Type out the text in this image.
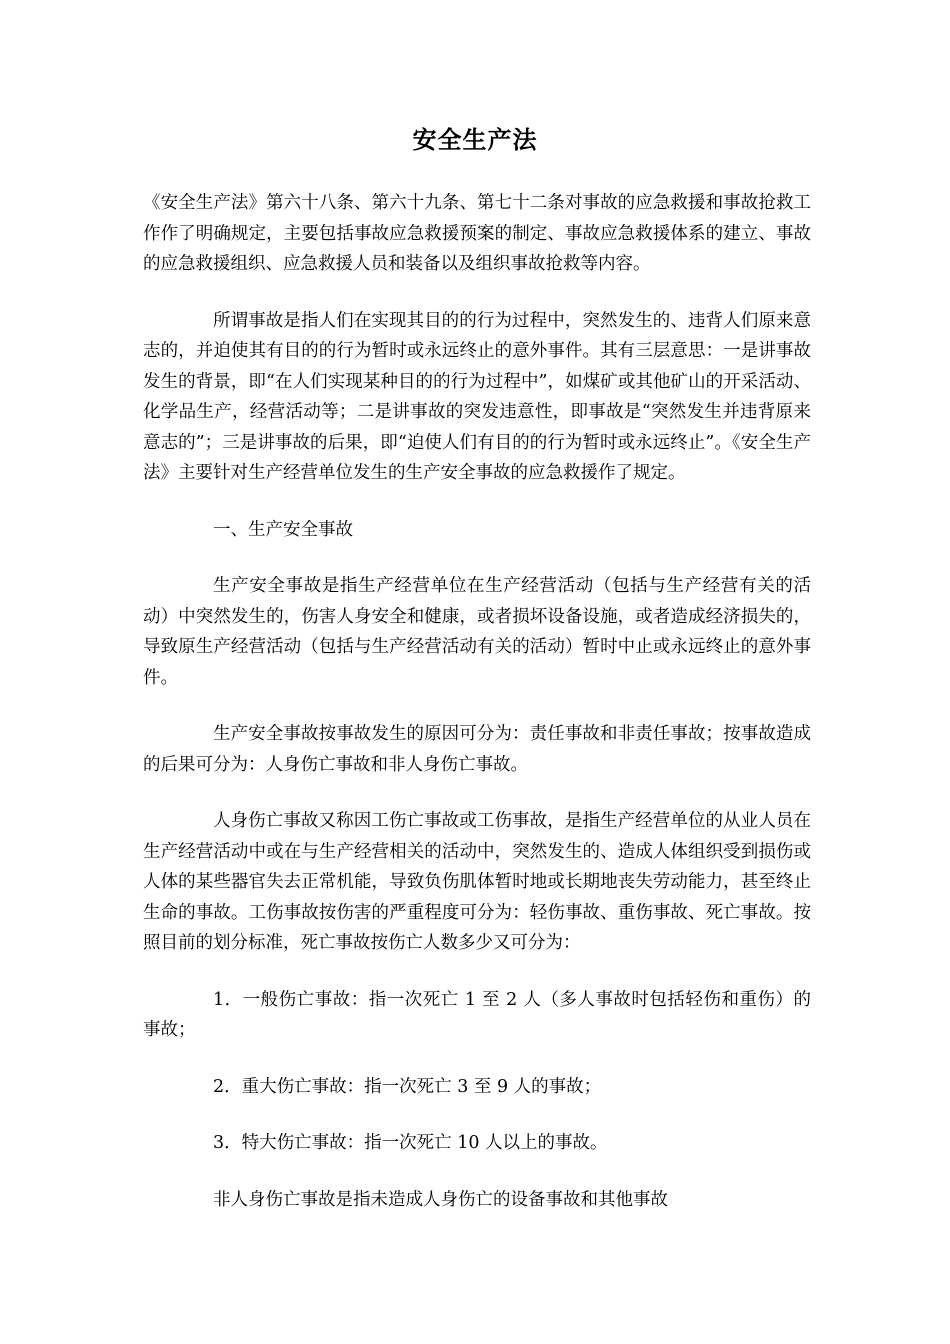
安全生产法

《安全生产法》第六十八条、第六十九条、第七十二条对事故的应急救援和事故抢救工作作了明确规定，主要包括事故应急救援预案的制定、事故应急救援体系的建立、事故的应急救援组织、应急救援人员和装备以及组织事故抢救等内容。

所谓事故是指人们在实现其目的的行为过程中，突然发生的、违背人们原来意志的，并迫使其有目的的行为暂时或永远终止的意外事件。其有三层意思：一是讲事故发生的背景，即“在人们实现某种目的的行为过程中”，如煤矿或其他矿山的开采活动、化学品生产，经营活动等；二是讲事故的突发违意性，即事故是“突然发生并违背原来意志的”；三是讲事故的后果，即“迫使人们有目的的行为暂时或永远终止”。《安全生产法》主要针对生产经营单位发生的生产安全事故的应急救援作了规定。

一、生产安全事故

生产安全事故是指生产经营单位在生产经营活动（包括与生产经营有关的活动）中突然发生的，伤害人身安全和健康，或者损坏设备设施，或者造成经济损失的，导致原生产经营活动（包括与生产经营活动有关的活动）暂时中止或永远终止的意外事件。

生产安全事故按事故发生的原因可分为：责任事故和非责任事故；按事故造成的后果可分为：人身伤亡事故和非人身伤亡事故。

人身伤亡事故又称因工伤亡事故或工伤事故，是指生产经营单位的从业人员在生产经营活动中或在与生产经营相关的活动中，突然发生的、造成人体组织受到损伤或人体的某些器官失去正常机能，导致负伤肌体暂时地或长期地丧失劳动能力，甚至终止生命的事故。工伤事故按伤害的严重程度可分为：轻伤事故、重伤事故、死亡事故。按照目前的划分标准，死亡事故按伤亡人数多少又可分为：

1．一般伤亡事故：指一次死亡 1 至 2 人（多人事故时包括轻伤和重伤）的事故；

2．重大伤亡事故：指一次死亡 3 至 9 人的事故；

3．特大伤亡事故：指一次死亡 10 人以上的事故。

非人身伤亡事故是指未造成人身伤亡的设备事故和其他事故
